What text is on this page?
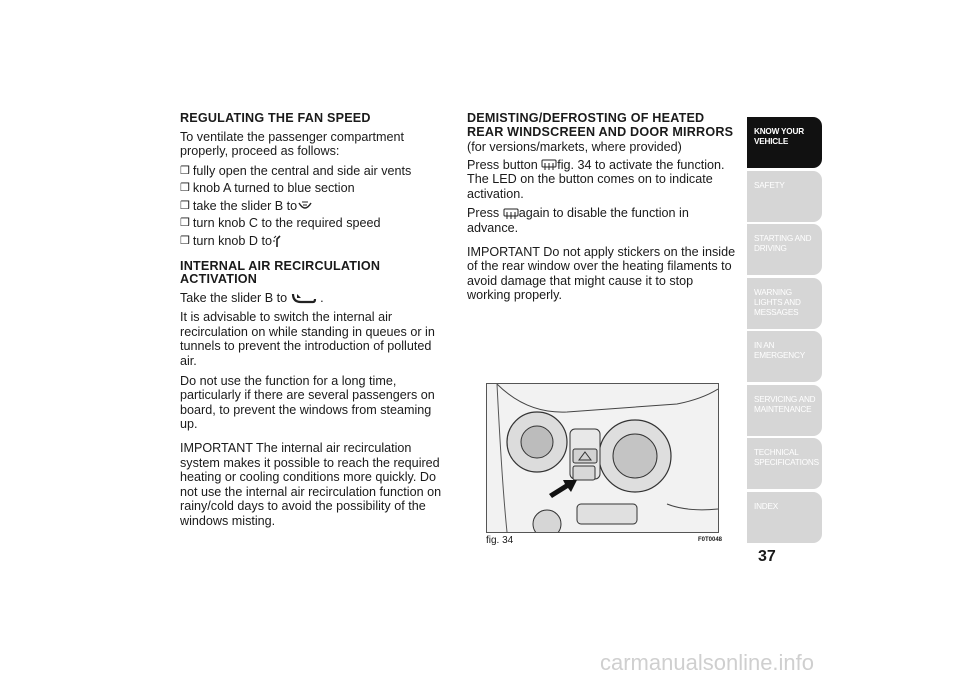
REGULATING THE FAN SPEED

To ventilate the passenger compartment properly, proceed as follows:

❒ fully open the central and side air vents
❒ knob A turned to blue section
❒ take the slider B to
❒ turn knob C to the required speed
❒ turn knob D to
INTERNAL AIR RECIRCULATION ACTIVATION

Take the slider B to	.

It is advisable to switch the internal air recirculation on while standing in queues or in tunnels to prevent the introduction of polluted air.

Do not use the function for a long time, particularly if there are several passengers on board, to prevent the windows from steaming up.

IMPORTANT The internal air recirculation system makes it possible to reach the required heating or cooling conditions more quickly. Do not use the internal air recirculation function on rainy/cold days to avoid the possibility of the windows misting.

DEMISTING/DEFROSTING OF HEATED REAR WINDSCREEN AND DOOR MIRRORS

(for versions/markets, where provided)

Press button fig. 34 to activate the function. The LED on the button comes on to indicate activation.

Press again to disable the function in advance.

IMPORTANT Do not apply stickers on the inside of the rear window over the heating filaments to avoid damage that might cause it to stop working properly.

fig. 34	F0T0048
KNOW YOUR VEHICLE
SAFETY
STARTING AND DRIVING
WARNING LIGHTS AND MESSAGES
IN AN EMERGENCY
SERVICING AND MAINTENANCE
TECHNICAL SPECIFICATIONS
INDEX
37
carmanualsonline.info
